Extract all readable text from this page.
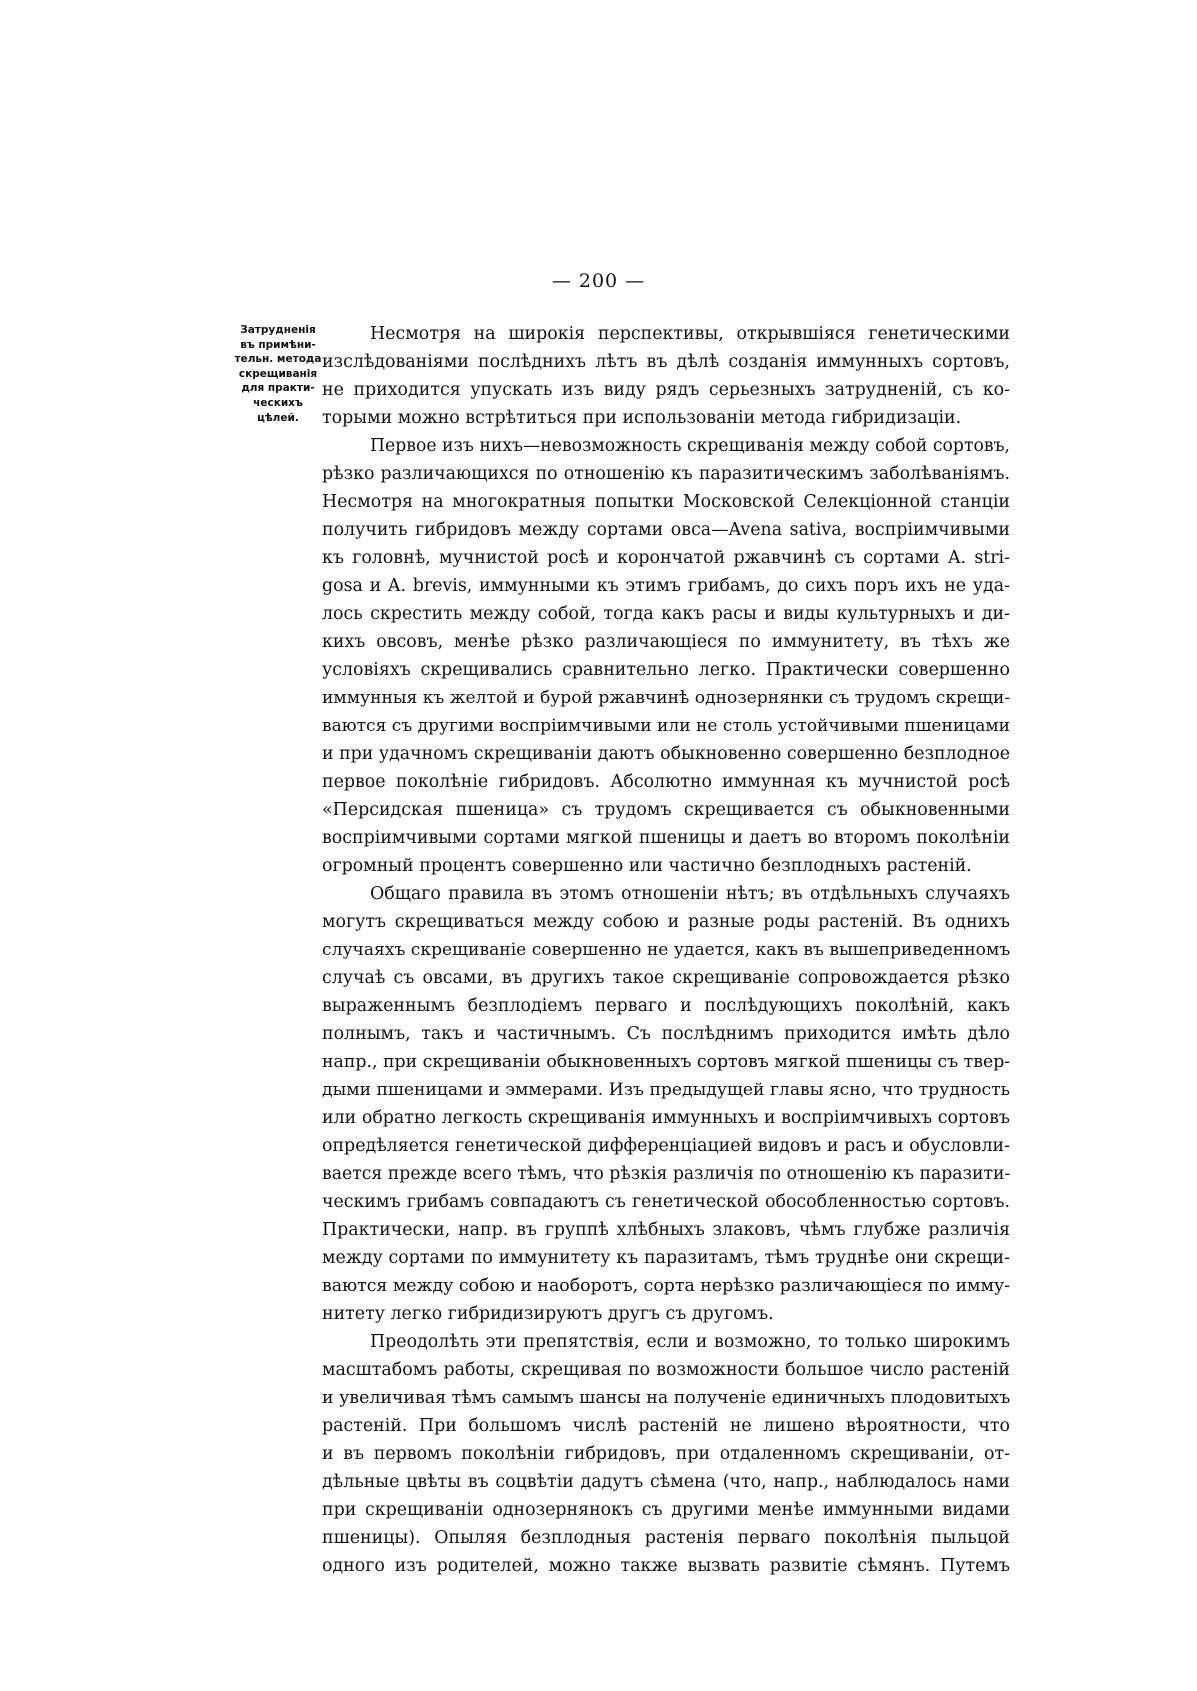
— 200 —
Затрудненія
въ примѣни-
тельн. метода
скрещиванія
для практи-
ческихъ
цѣлей.
Несмотря на широкія перспективы, открывшіяся генетическими
изслѣдованіями послѣднихъ лѣтъ въ дѣлѣ созданія иммунныхъ сортовъ,
не приходится упускать изъ виду рядъ серьезныхъ затрудненій, съ ко-
торыми можно встрѣтиться при использованіи метода гибридизаціи.
Первое изъ нихъ—невозможность скрещиванія между собой сортовъ,
рѣзко различающихся по отношенію къ паразитическимъ заболѣваніямъ.
Несмотря на многократныя попытки Московской Селекціонной станціи
получить гибридовъ между сортами овса—Avena sativa, воспріимчивыми
къ головнѣ, мучнистой росѣ и корончатой ржавчинѣ съ сортами A. stri-
gosa и A. brevis, иммунными къ этимъ грибамъ, до сихъ поръ ихъ не уда-
лось скрестить между собой, тогда какъ расы и виды культурныхъ и ди-
кихъ овсовъ, менѣе рѣзко различающіеся по иммунитету, въ тѣхъ же
условіяхъ скрещивались сравнительно легко. Практически совершенно
иммунныя къ желтой и бурой ржавчинѣ однозернянки съ трудомъ скрещи-
ваются съ другими воспріимчивыми или не столь устойчивыми пшеницами
и при удачномъ скрещиваніи даютъ обыкновенно совершенно безплодное
первое поколѣніе гибридовъ. Абсолютно иммунная къ мучнистой росѣ
«Персидская пшеница» съ трудомъ скрещивается съ обыкновенными
воспріимчивыми сортами мягкой пшеницы и даетъ во второмъ поколѣніи
огромный процентъ совершенно или частично безплодныхъ растеній.
Общаго правила въ этомъ отношеніи нѣтъ; въ отдѣльныхъ случаяхъ
могутъ скрещиваться между собою и разные роды растеній. Въ однихъ
случаяхъ скрещиваніе совершенно не удается, какъ въ вышеприведенномъ
случаѣ съ овсами, въ другихъ такое скрещиваніе сопровождается рѣзко
выраженнымъ безплодіемъ перваго и послѣдующихъ поколѣній, какъ
полнымъ, такъ и частичнымъ. Съ послѣднимъ приходится имѣть дѣло
напр., при скрещиваніи обыкновенныхъ сортовъ мягкой пшеницы съ твер-
дыми пшеницами и эммерами. Изъ предыдущей главы ясно, что трудность
или обратно легкость скрещиванія иммунныхъ и воспріимчивыхъ сортовъ
опредѣляется генетической дифференціацией видовъ и расъ и обусловли-
вается прежде всего тѣмъ, что рѣзкія различія по отношенію къ паразити-
ческимъ грибамъ совпадаютъ съ генетической обособленностью сортовъ.
Практически, напр. въ группѣ хлѣбныхъ злаковъ, чѣмъ глубже различія
между сортами по иммунитету къ паразитамъ, тѣмъ труднѣе они скрещи-
ваются между собою и наоборотъ, сорта нерѣзко различающіеся по имму-
нитету легко гибридизируютъ другъ съ другомъ.
Преодолѣть эти препятствія, если и возможно, то только широкимъ
масштабомъ работы, скрещивая по возможности большое число растеній
и увеличивая тѣмъ самымъ шансы на полученіе единичныхъ плодовитыхъ
растеній. При большомъ числѣ растеній не лишено вѣроятности, что
и въ первомъ поколѣніи гибридовъ, при отдаленномъ скрещиваніи, от-
дѣльные цвѣты въ соцвѣтіи дадутъ сѣмена (что, напр., наблюдалось нами
при скрещиваніи однозернянокъ съ другими менѣе иммунными видами
пшеницы). Опыляя безплодныя растенія перваго поколѣнія пыльцой
одного изъ родителей, можно также вызвать развитіе сѣмянъ. Путемъ
